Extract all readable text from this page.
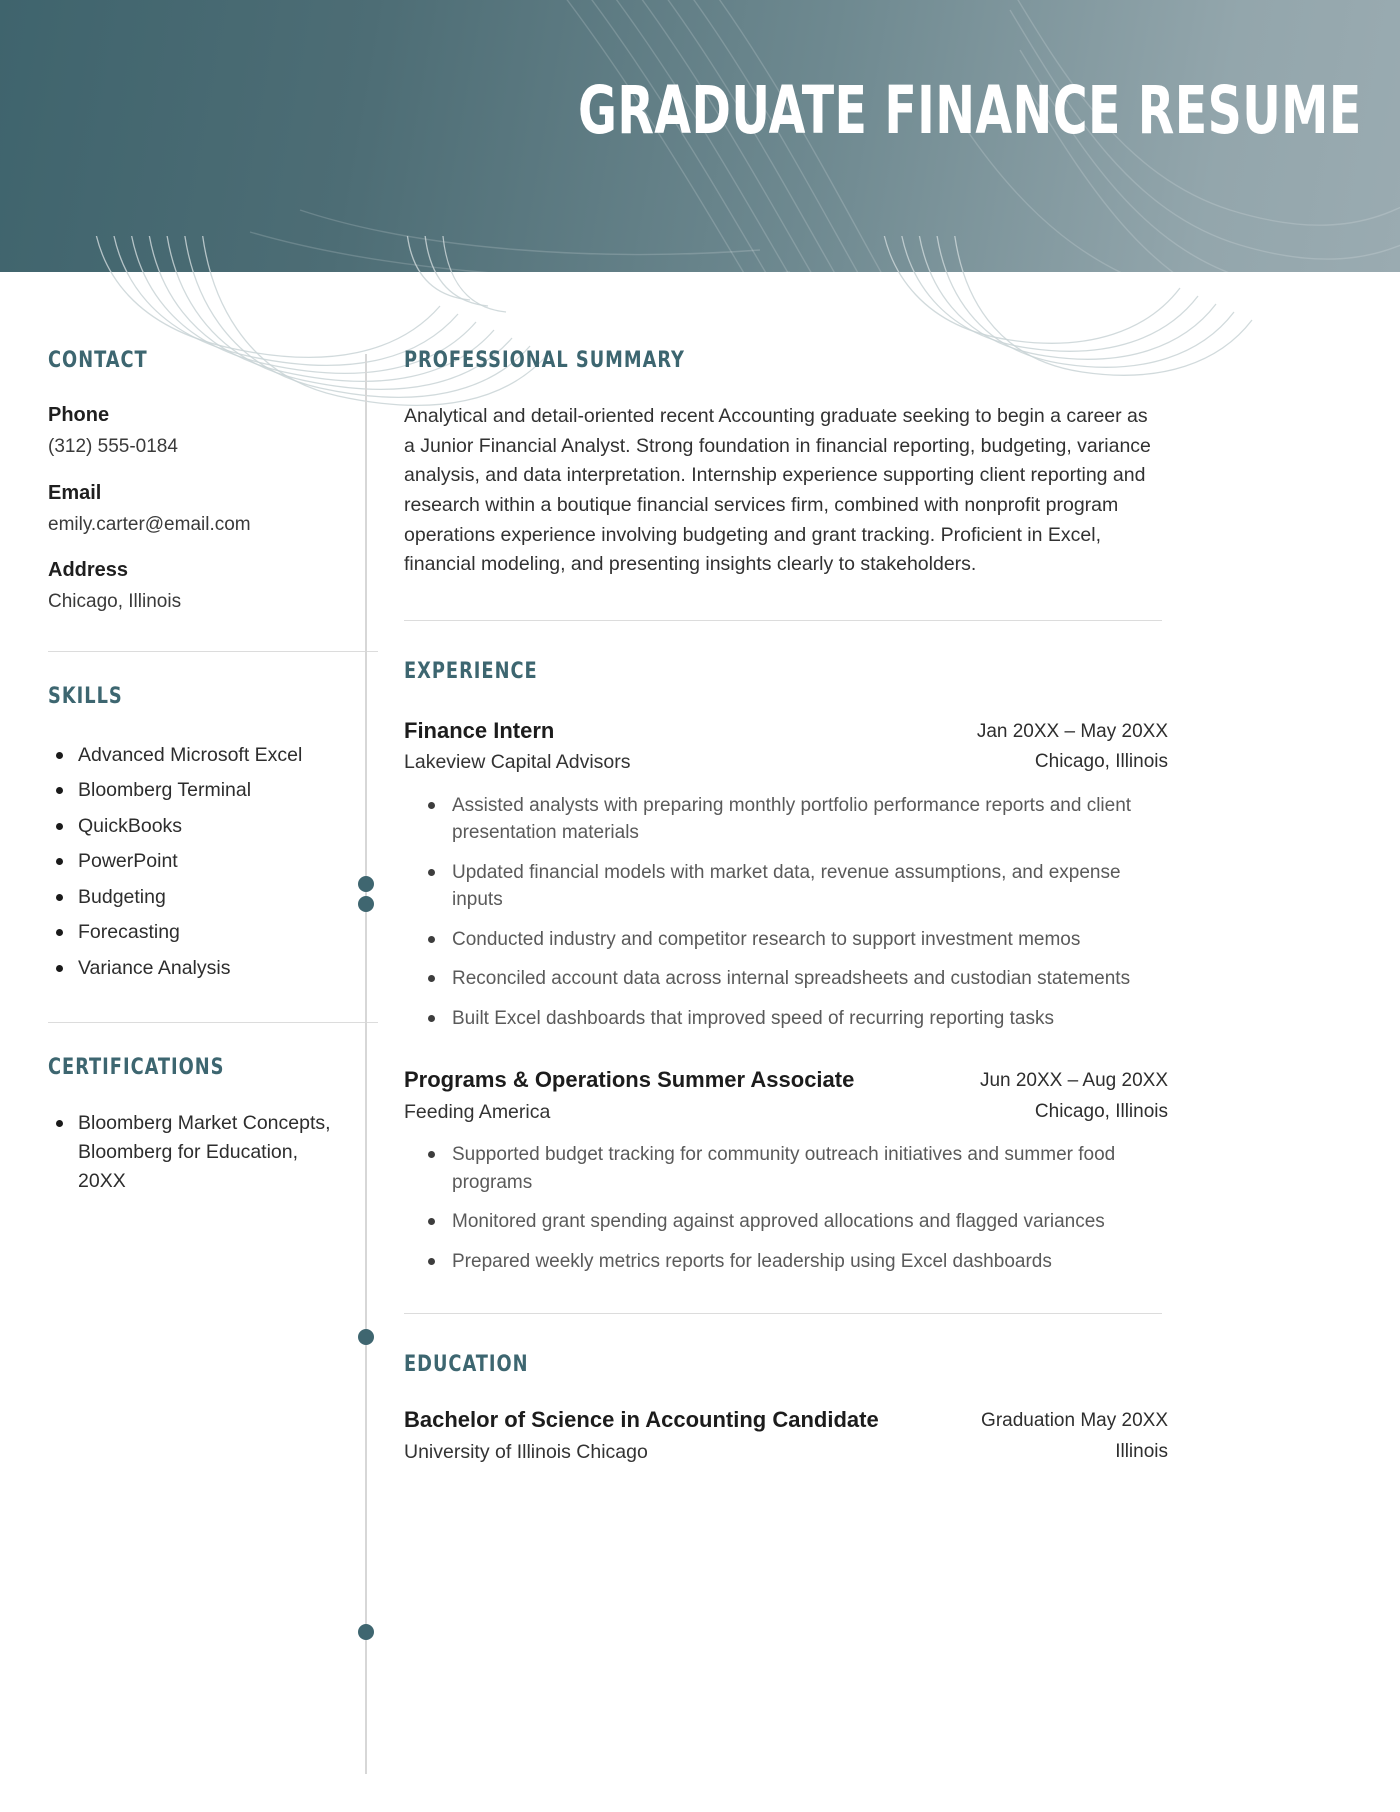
GRADUATE FINANCE RESUME
CONTACT

Phone

(312) 555-0184

Email

emily.carter@email.com

Address

Chicago, Illinois

SKILLS
Advanced Microsoft Excel
Bloomberg Terminal
QuickBooks
PowerPoint
Budgeting
Forecasting
Variance Analysis
CERTIFICATIONS
Bloomberg Market Concepts, Bloomberg for Education, 20XX
PROFESSIONAL SUMMARY

Analytical and detail-oriented recent Accounting graduate seeking to begin a career as a Junior Financial Analyst. Strong foundation in financial reporting, budgeting, variance analysis, and data interpretation. Internship experience supporting client reporting and research within a boutique financial services firm, combined with nonprofit program operations experience involving budgeting and grant tracking. Proficient in Excel, financial modeling, and presenting insights clearly to stakeholders.

EXPERIENCE

Finance Intern

Lakeview Capital Advisors

Jan 20XX – May 20XX

Chicago, Illinois

Assisted analysts with preparing monthly portfolio performance reports and client presentation materials
Updated financial models with market data, revenue assumptions, and expense inputs
Conducted industry and competitor research to support investment memos
Reconciled account data across internal spreadsheets and custodian statements
Built Excel dashboards that improved speed of recurring reporting tasks

Programs & Operations Summer Associate

Feeding America

Jun 20XX – Aug 20XX

Chicago, Illinois

Supported budget tracking for community outreach initiatives and summer food programs
Monitored grant spending against approved allocations and flagged variances
Prepared weekly metrics reports for leadership using Excel dashboards
EDUCATION

Bachelor of Science in Accounting Candidate

University of Illinois Chicago

Graduation May 20XX

Illinois
